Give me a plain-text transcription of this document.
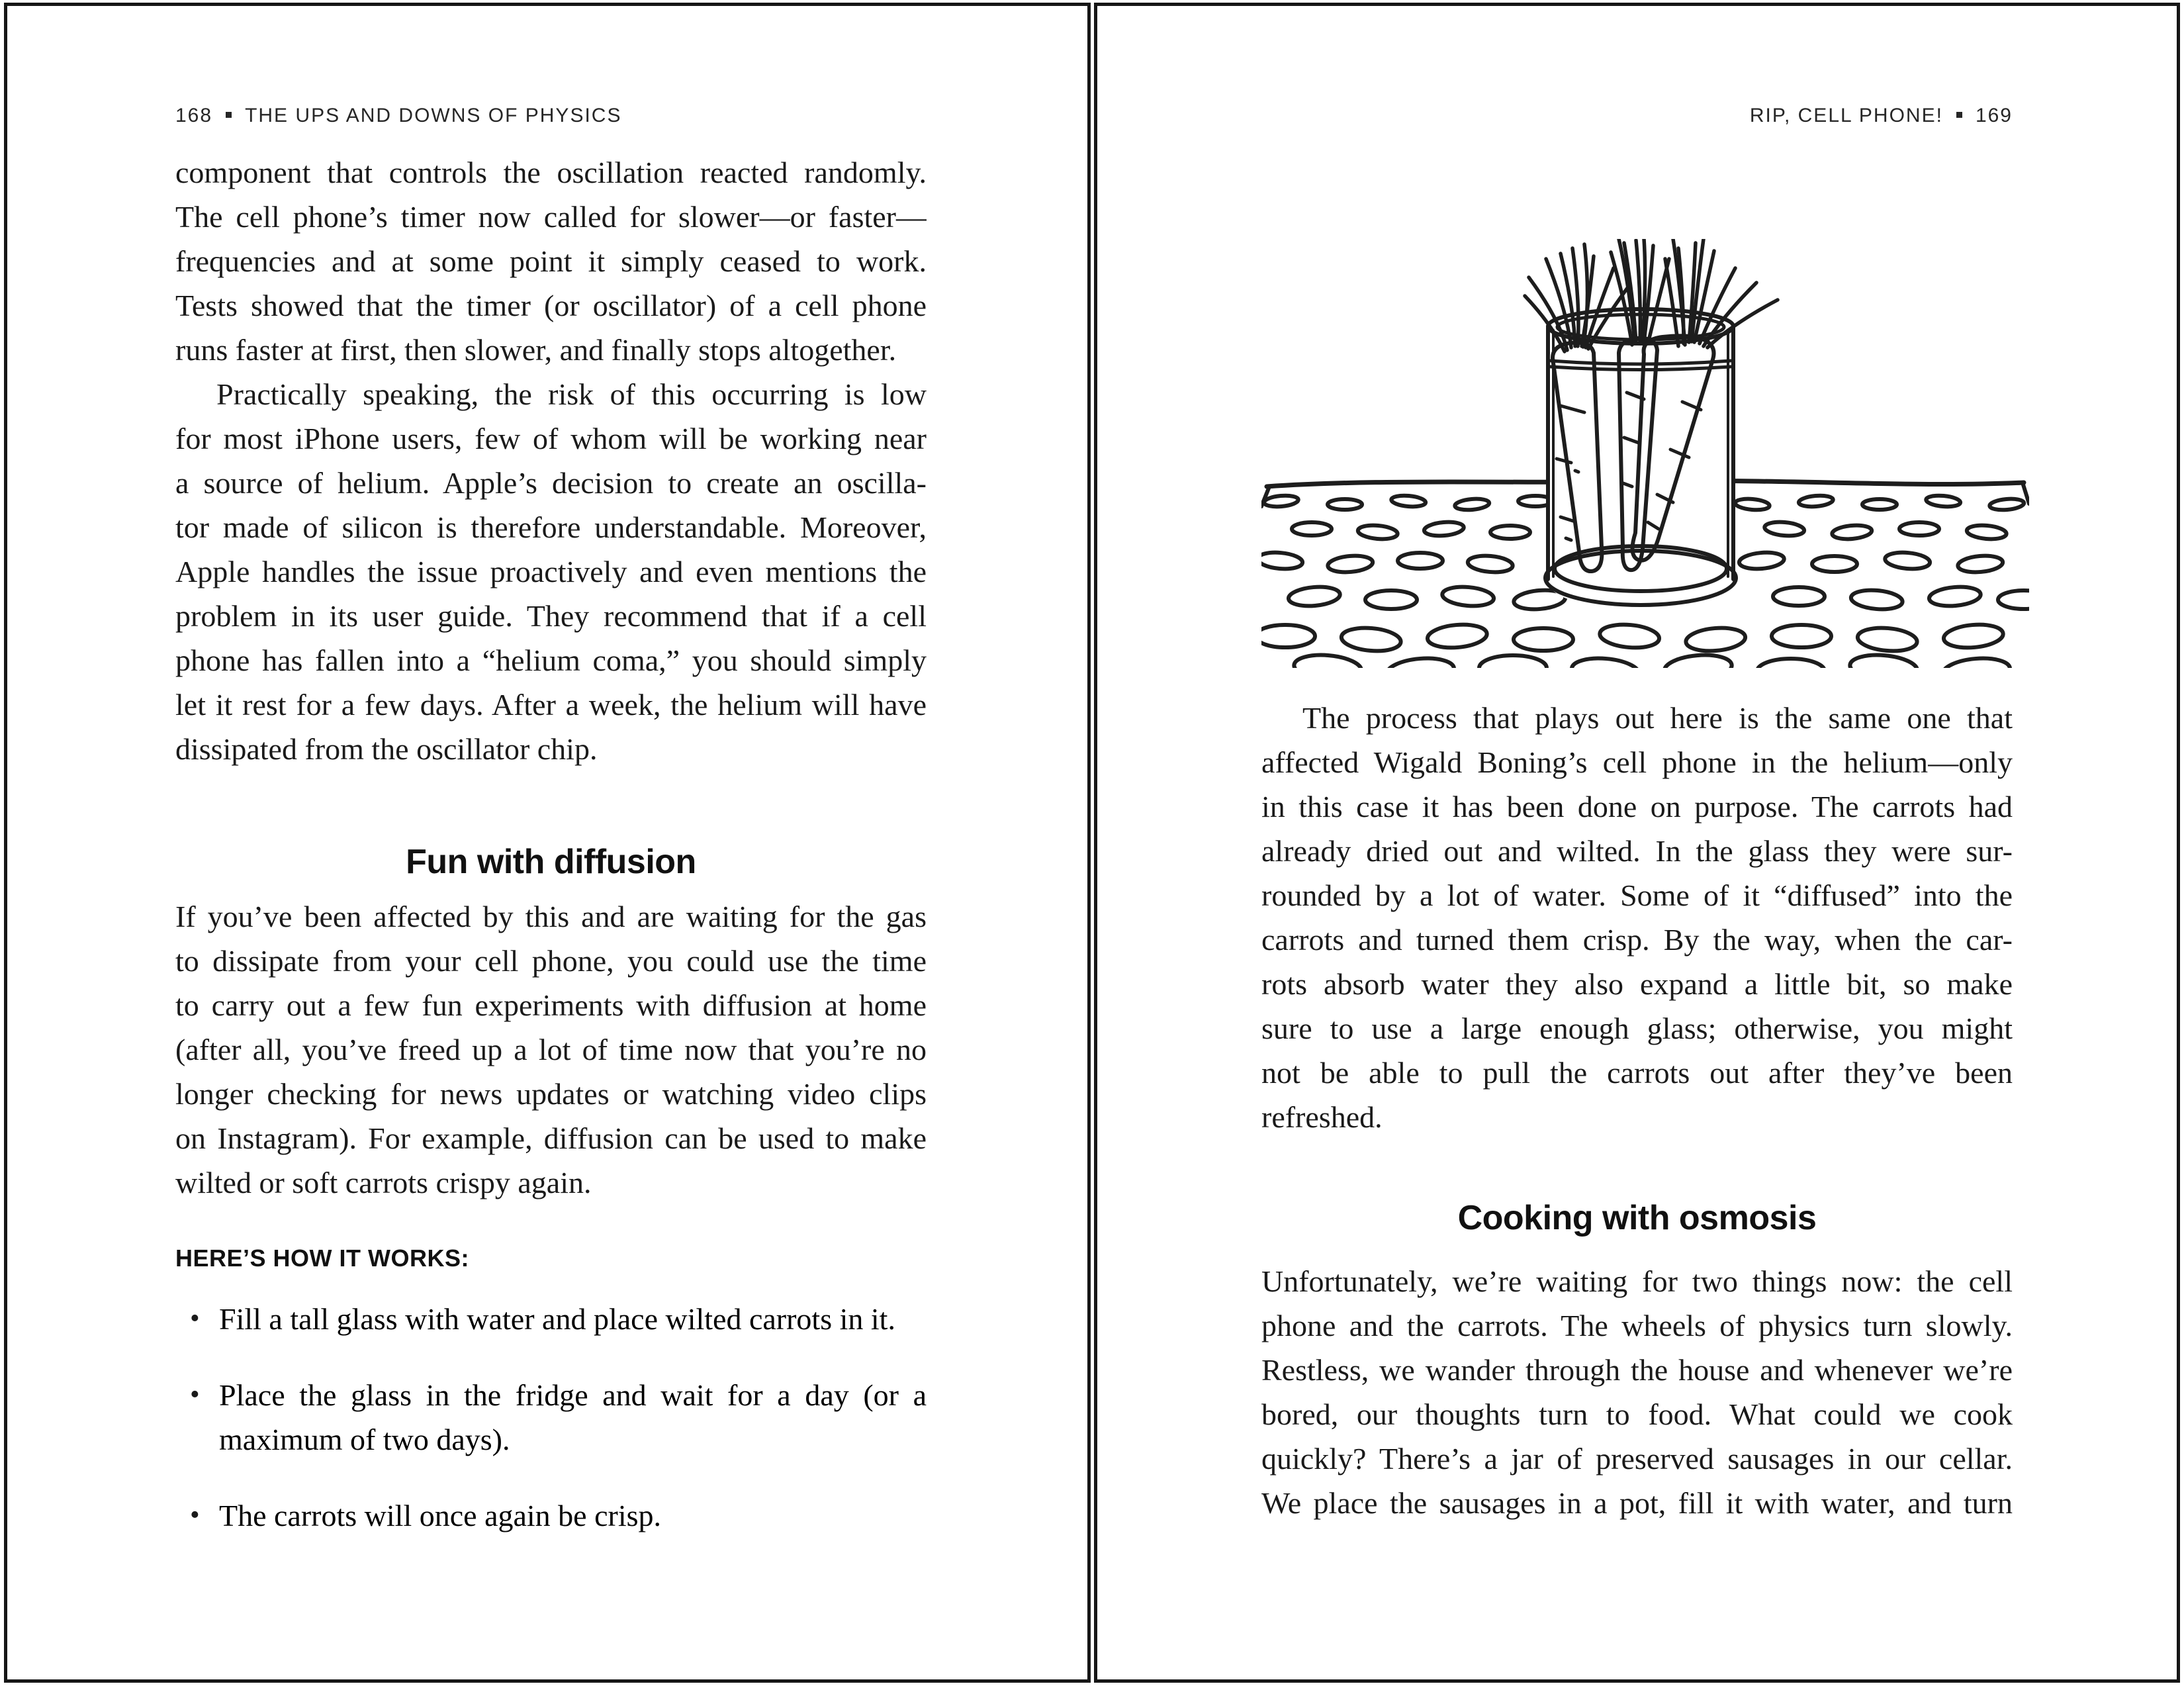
168 THE UPS AND DOWNS OF PHYSICS
component that controls the oscillation reacted randomly.
The cell phone’s timer now called for slower—or faster—
frequencies and at some point it simply ceased to work.
Tests showed that the timer (or oscillator) of a cell phone
runs faster at first, then slower, and finally stops altogether.
Practically speaking, the risk of this occurring is low
for most iPhone users, few of whom will be working near
a source of helium. Apple’s decision to create an oscilla-
tor made of silicon is therefore understandable. Moreover,
Apple handles the issue proactively and even mentions the
problem in its user guide. They recommend that if a cell
phone has fallen into a “helium coma,” you should simply
let it rest for a few days. After a week, the helium will have
dissipated from the oscillator chip.
Fun with diffusion
If you’ve been affected by this and are waiting for the gas
to dissipate from your cell phone, you could use the time
to carry out a few fun experiments with diffusion at home
(after all, you’ve freed up a lot of time now that you’re no
longer checking for news updates or watching video clips
on Instagram). For example, diffusion can be used to make
wilted or soft carrots crispy again.
HERE’S HOW IT WORKS:
• Fill a tall glass with water and place wilted carrots in it.
• Place the glass in the fridge and wait for a day (or a
maximum of two days).
• The carrots will once again be crisp.
RIP, CELL PHONE! 169
The process that plays out here is the same one that
affected Wigald Boning’s cell phone in the helium—only
in this case it has been done on purpose. The carrots had
already dried out and wilted. In the glass they were sur-
rounded by a lot of water. Some of it “diffused” into the
carrots and turned them crisp. By the way, when the car-
rots absorb water they also expand a little bit, so make
sure to use a large enough glass; otherwise, you might
not be able to pull the carrots out after they’ve been
refreshed.
Cooking with osmosis
Unfortunately, we’re waiting for two things now: the cell
phone and the carrots. The wheels of physics turn slowly.
Restless, we wander through the house and whenever we’re
bored, our thoughts turn to food. What could we cook
quickly? There’s a jar of preserved sausages in our cellar.
We place the sausages in a pot, fill it with water, and turn
